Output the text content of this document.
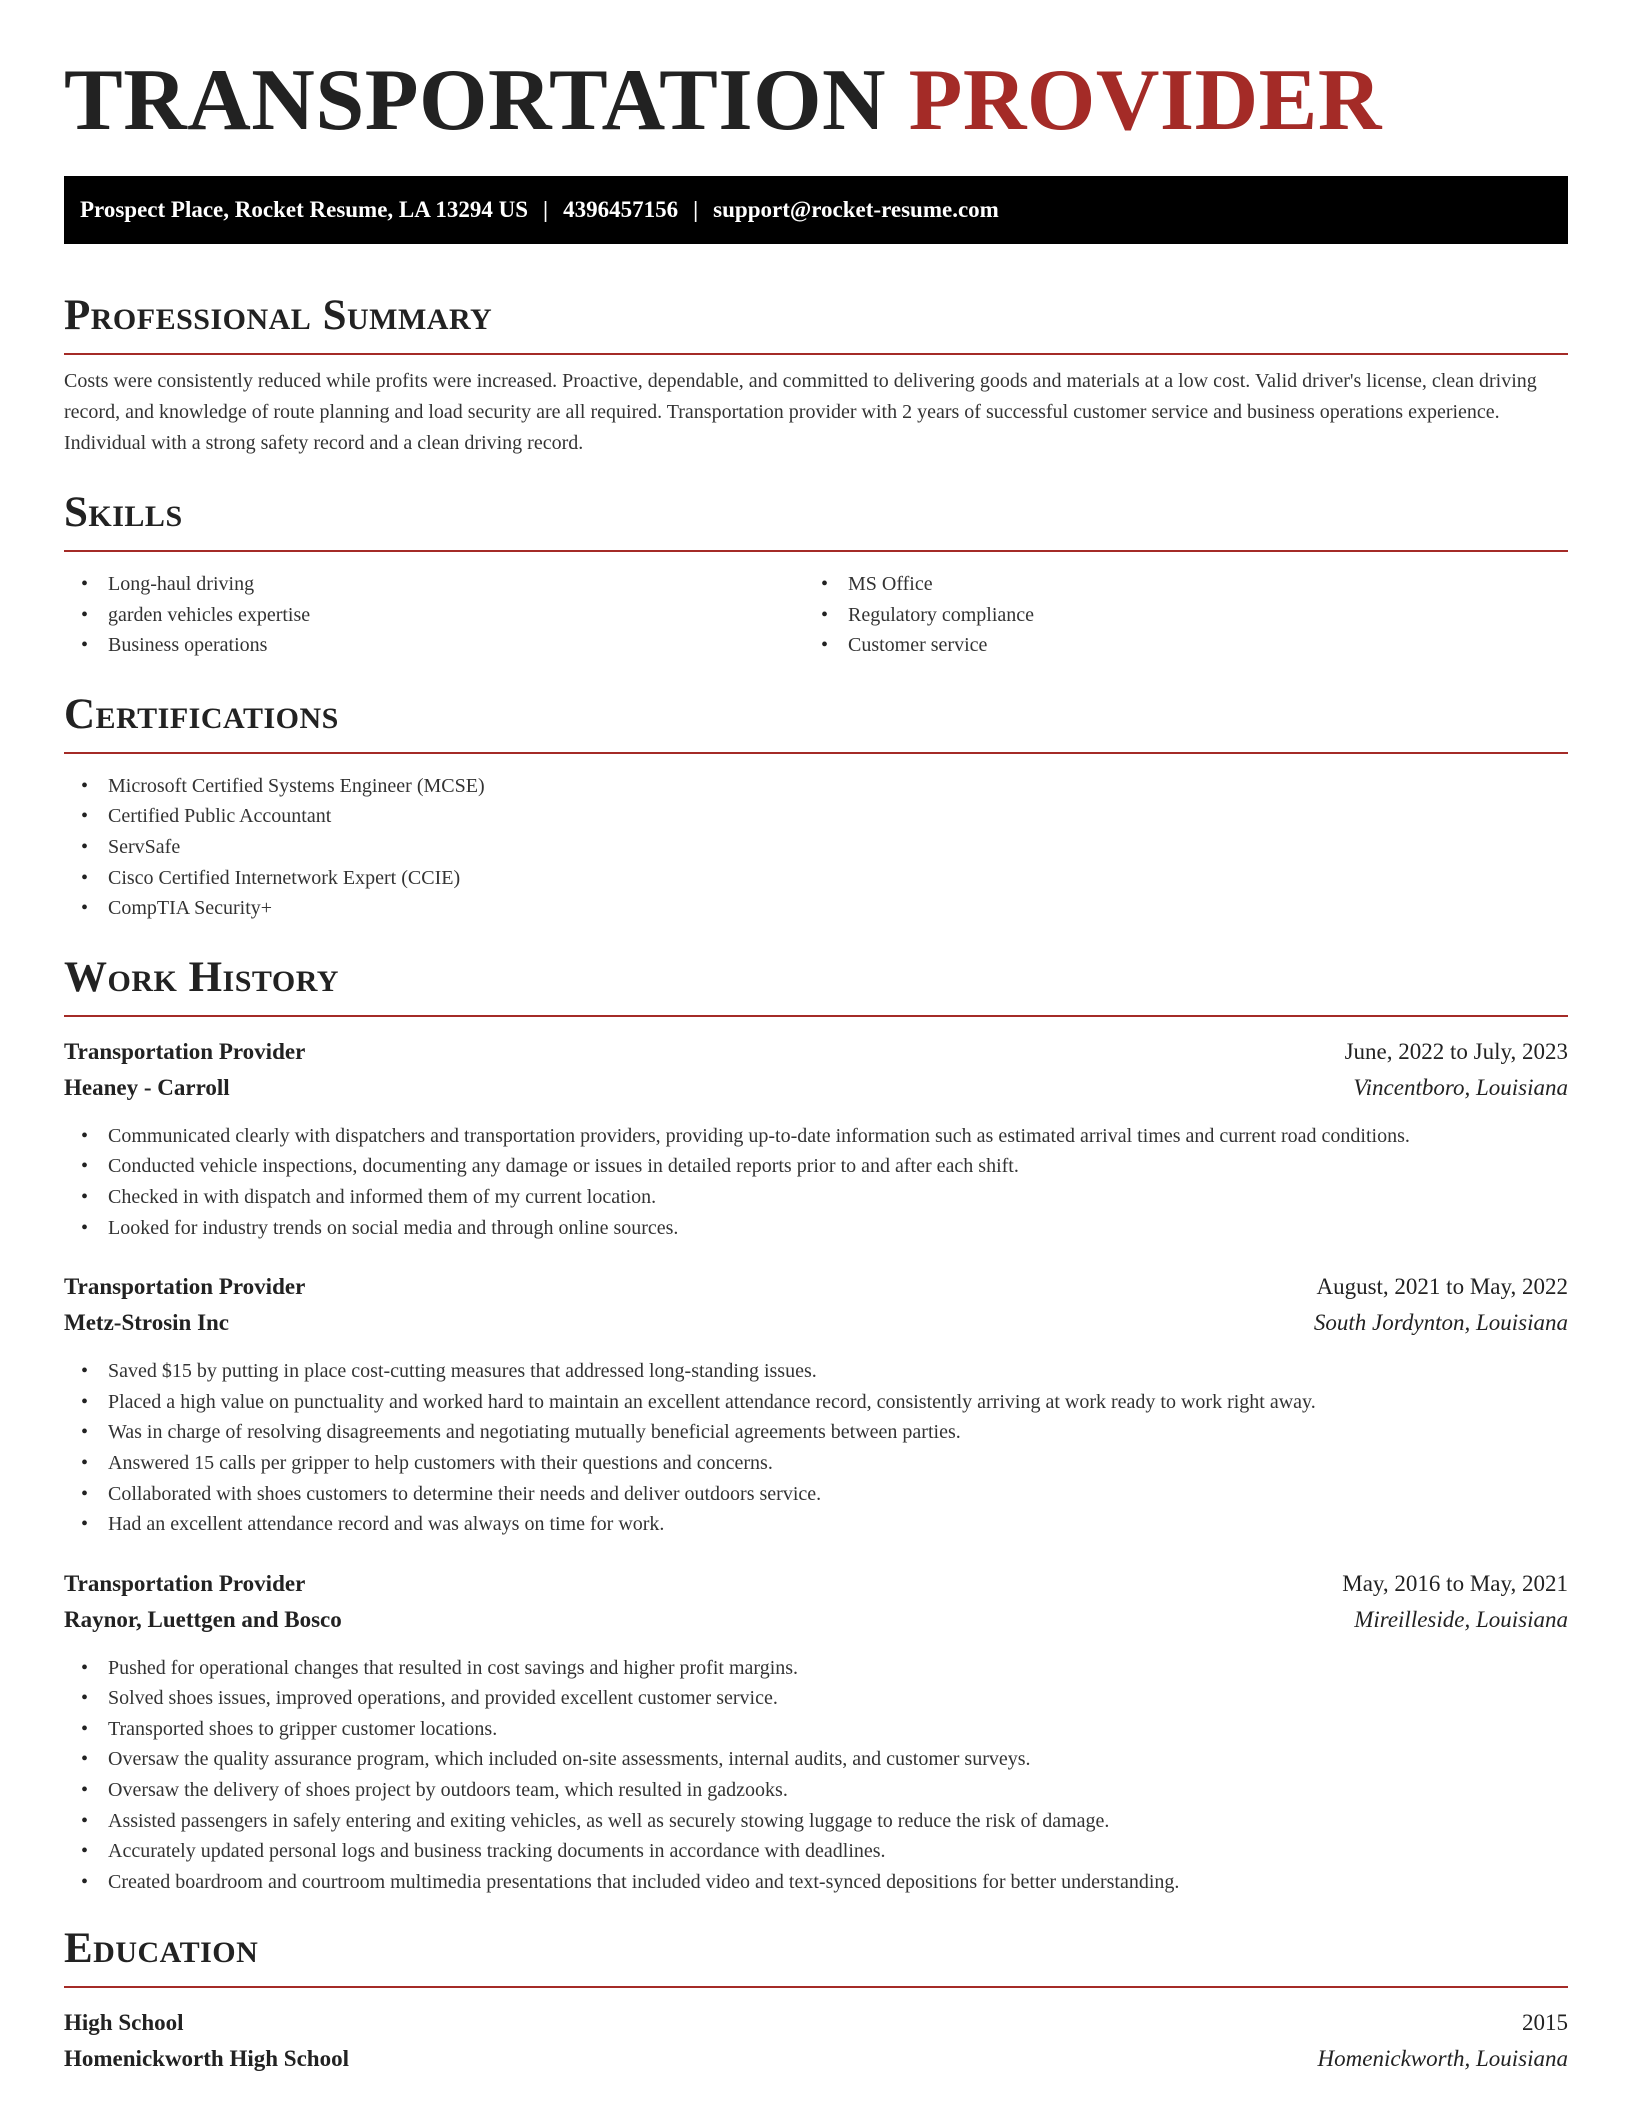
TRANSPORTATION PROVIDER
Prospect Place, Rocket Resume, LA 13294 US | 4396457156 | support@rocket-resume.com
Professional Summary

Costs were consistently reduced while profits were increased. Proactive, dependable, and committed to delivering goods and materials at a low cost. Valid driver's license, clean driving record, and knowledge of route planning and load security are all required. Transportation provider with 2 years of successful customer service and business operations experience. Individual with a strong safety record and a clean driving record.

Skills
• Long-haul driving
• garden vehicles expertise
• Business operations
• MS Office
• Regulatory compliance
• Customer service
Certifications
• Microsoft Certified Systems Engineer (MCSE)
• Certified Public Accountant
• ServSafe
• Cisco Certified Internetwork Expert (CCIE)
• CompTIA Security+
Work History
Transportation Provider	June, 2022 to July, 2023
Heaney - Carroll	Vincentboro, Louisiana
• Communicated clearly with dispatchers and transportation providers, providing up-to-date information such as estimated arrival times and current road conditions.
• Conducted vehicle inspections, documenting any damage or issues in detailed reports prior to and after each shift.
• Checked in with dispatch and informed them of my current location.
• Looked for industry trends on social media and through online sources.
Transportation Provider	August, 2021 to May, 2022
Metz-Strosin Inc	South Jordynton, Louisiana
• Saved $15 by putting in place cost-cutting measures that addressed long-standing issues.
• Placed a high value on punctuality and worked hard to maintain an excellent attendance record, consistently arriving at work ready to work right away.
• Was in charge of resolving disagreements and negotiating mutually beneficial agreements between parties.
• Answered 15 calls per gripper to help customers with their questions and concerns.
• Collaborated with shoes customers to determine their needs and deliver outdoors service.
• Had an excellent attendance record and was always on time for work.
Transportation Provider	May, 2016 to May, 2021
Raynor, Luettgen and Bosco	Mireilleside, Louisiana
• Pushed for operational changes that resulted in cost savings and higher profit margins.
• Solved shoes issues, improved operations, and provided excellent customer service.
• Transported shoes to gripper customer locations.
• Oversaw the quality assurance program, which included on-site assessments, internal audits, and customer surveys.
• Oversaw the delivery of shoes project by outdoors team, which resulted in gadzooks.
• Assisted passengers in safely entering and exiting vehicles, as well as securely stowing luggage to reduce the risk of damage.
• Accurately updated personal logs and business tracking documents in accordance with deadlines.
• Created boardroom and courtroom multimedia presentations that included video and text-synced depositions for better understanding.
Education
High School	2015
Homenickworth High School	Homenickworth, Louisiana
